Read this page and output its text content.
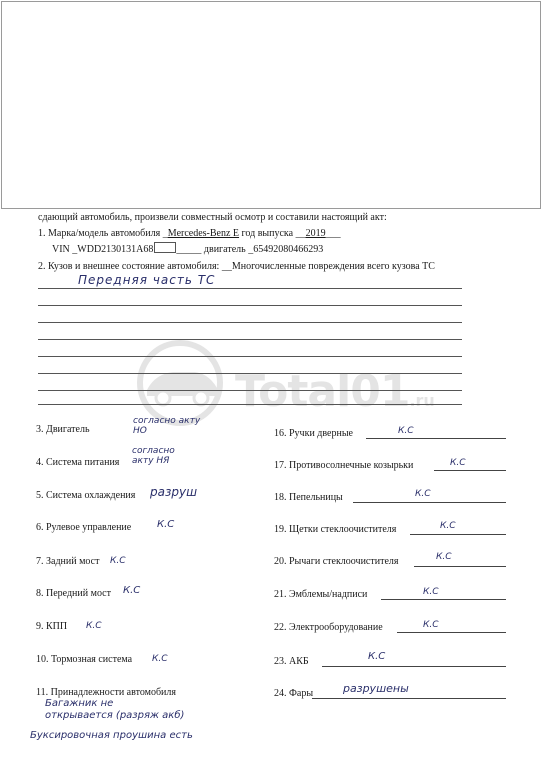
Total01.ru
сдающий автомобиль, произвели совместный осмотр и составили настоящий акт:
1. Марка/модель автомобиля _Mercedes-Benz E год выпуска __2019___
VIN _WDD2130131A68 _____ двигатель _65492080466293
2. Кузов и внешнее состояние автомобиля: __Многочисленные повреждения всего кузова ТС
Передняя часть ТС
3. Двигатель
согласно акту
НО
4. Система питания
согласно
акту НЯ
5. Система охлаждения разруш
6. Рулевое управление	К.С
7. Задний мост К.С
8. Передний мост К.С
9. КПП К.С
10. Тормозная система К.С
11. Принадлежности автомобиля
Багажник не
открывается (разряж акб)
Буксировочная проушина есть
16. Ручки дверные	К.С
17. Противосолнечные козырьки	К.С
18. Пепельницы	К.С
19. Щетки стеклоочистителя	К.С
20. Рычаги стеклоочистителя	К.С
21. Эмблемы/надписи	К.С
22. Электрооборудование	К.С
23. АКБ	К.С
24. Фары	разрушены
